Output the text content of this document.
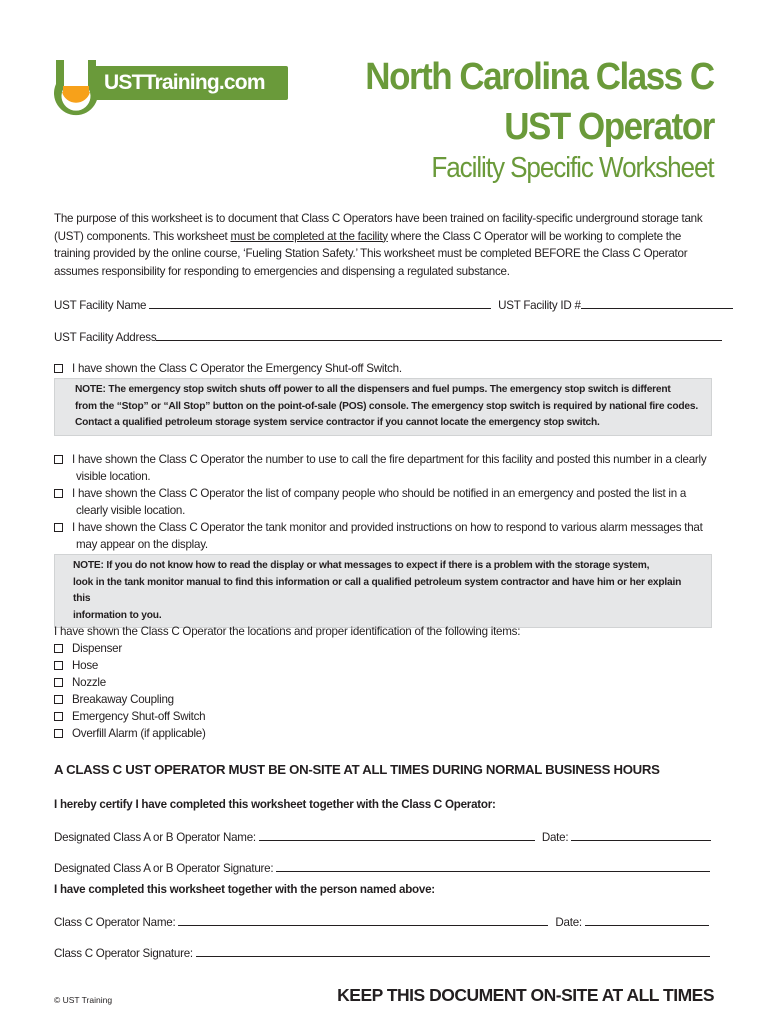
USTTraining.com	North Carolina Class C
UST Operator
Facility Specific Worksheet
The purpose of this worksheet is to document that Class C Operators have been trained on facility-specific underground storage tank (UST) components. This worksheet must be completed at the facility where the Class C Operator will be working to complete the training provided by the online course, ‘Fueling Station Safety.’ This worksheet must be completed BEFORE the Class C Operator assumes responsibility for responding to emergencies and dispensing a regulated substance.
UST Facility Name	UST Facility ID #
UST Facility Address
I have shown the Class C Operator the Emergency Shut-off Switch.
NOTE: The emergency stop switch shuts off power to all the dispensers and fuel pumps. The emergency stop switch is different
from the “Stop” or “All Stop” button on the point-of-sale (POS) console. The emergency stop switch is required by national fire codes.
Contact a qualified petroleum storage system service contractor if you cannot locate the emergency stop switch.
I have shown the Class C Operator the number to use to call the fire department for this facility and posted this number in a clearly visible location.
I have shown the Class C Operator the list of company people who should be notified in an emergency and posted the list in a clearly visible location.
I have shown the Class C Operator the tank monitor and provided instructions on how to respond to various alarm messages that may appear on the display.
NOTE: If you do not know how to read the display or what messages to expect if there is a problem with the storage system,
look in the tank monitor manual to find this information or call a qualified petroleum system contractor and have him or her explain this
information to you.
I have shown the Class C Operator the locations and proper identification of the following items:
Dispenser
Hose
Nozzle
Breakaway Coupling
Emergency Shut-off Switch
Overfill Alarm (if applicable)
A CLASS C UST OPERATOR MUST BE ON-SITE AT ALL TIMES DURING NORMAL BUSINESS HOURS
I hereby certify I have completed this worksheet together with the Class C Operator:
Designated Class A or B Operator Name:	Date:
Designated Class A or B Operator Signature:
I have completed this worksheet together with the person named above:
Class C Operator Name:	Date:
Class C Operator Signature:
© UST Training	KEEP THIS DOCUMENT ON-SITE AT ALL TIMES
